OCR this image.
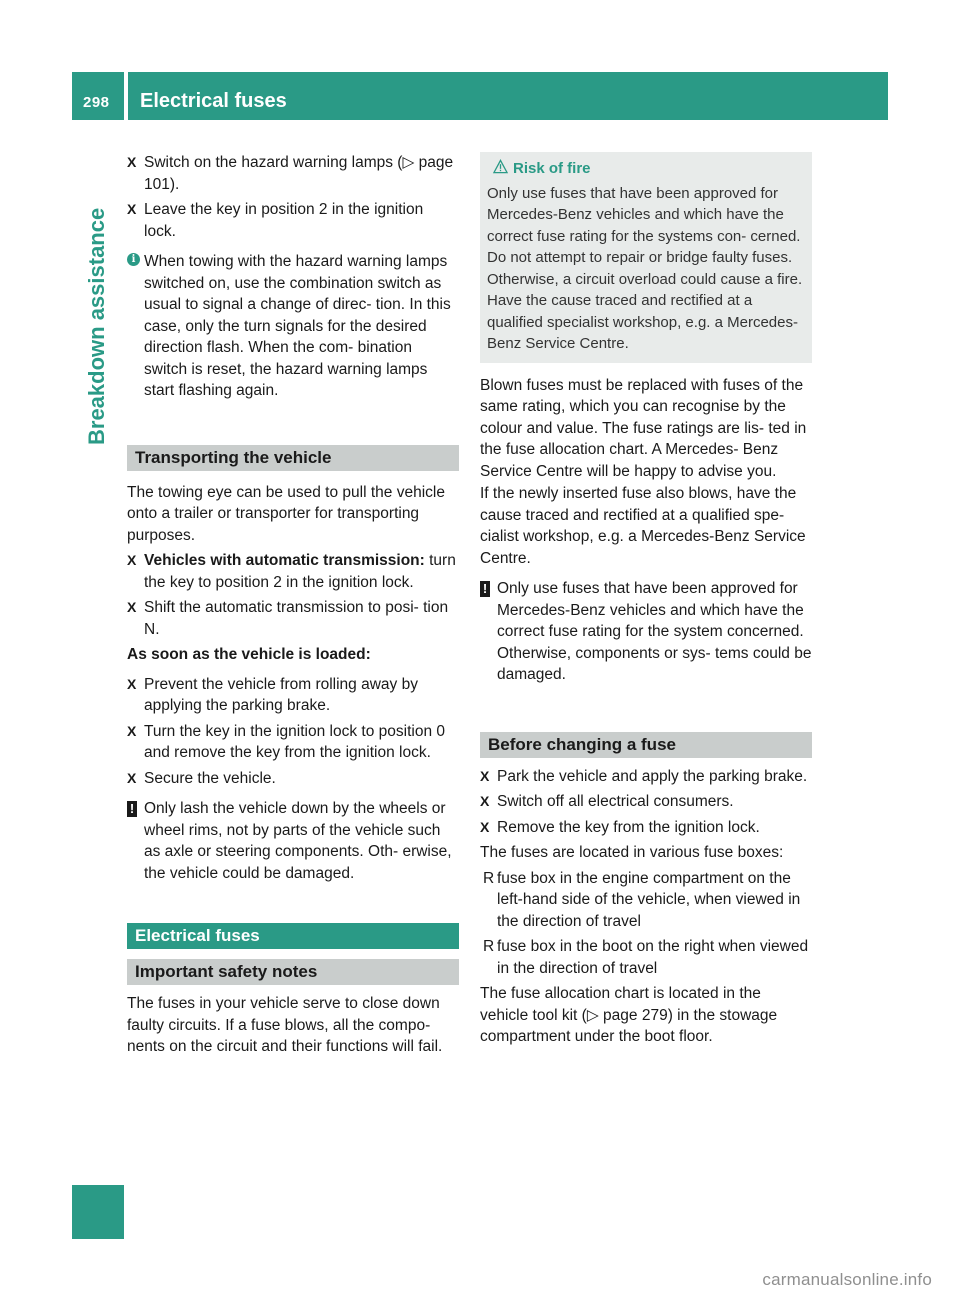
298 Electrical fuses
Breakdown assistance
X Switch on the hazard warning lamps (▷ page 101).
X Leave the key in position 2 in the ignition lock.
i When towing with the hazard warning lamps switched on, use the combination switch as usual to signal a change of direc- tion. In this case, only the turn signals for the desired direction flash. When the com- bination switch is reset, the hazard warning lamps start flashing again.
Transporting the vehicle
The towing eye can be used to pull the vehicle onto a trailer or transporter for transporting purposes.
X Vehicles with automatic transmission: turn the key to position 2 in the ignition lock.
X Shift the automatic transmission to posi- tion N.
As soon as the vehicle is loaded:
X Prevent the vehicle from rolling away by applying the parking brake.
X Turn the key in the ignition lock to position 0 and remove the key from the ignition lock.
X Secure the vehicle.
! Only lash the vehicle down by the wheels or wheel rims, not by parts of the vehicle such as axle or steering components. Oth- erwise, the vehicle could be damaged.
Electrical fuses
Important safety notes
The fuses in your vehicle serve to close down faulty circuits. If a fuse blows, all the compo- nents on the circuit and their functions will fail.
Risk of fire
Only use fuses that have been approved for Mercedes-Benz vehicles and which have the correct fuse rating for the systems con- cerned. Do not attempt to repair or bridge faulty fuses. Otherwise, a circuit overload could cause a fire. Have the cause traced and rectified at a qualified specialist workshop, e.g. a Mercedes-Benz Service Centre.
Blown fuses must be replaced with fuses of the same rating, which you can recognise by the colour and value. The fuse ratings are lis- ted in the fuse allocation chart. A Mercedes- Benz Service Centre will be happy to advise you.
If the newly inserted fuse also blows, have the cause traced and rectified at a qualified spe- cialist workshop, e.g. a Mercedes-Benz Service Centre.
! Only use fuses that have been approved for Mercedes-Benz vehicles and which have the correct fuse rating for the system concerned. Otherwise, components or sys- tems could be damaged.
Before changing a fuse
X Park the vehicle and apply the parking brake.
X Switch off all electrical consumers.
X Remove the key from the ignition lock.
The fuses are located in various fuse boxes:
R fuse box in the engine compartment on the left-hand side of the vehicle, when viewed in the direction of travel
R fuse box in the boot on the right when viewed in the direction of travel
The fuse allocation chart is located in the vehicle tool kit (▷ page 279) in the stowage compartment under the boot floor.
carmanualsonline.info
